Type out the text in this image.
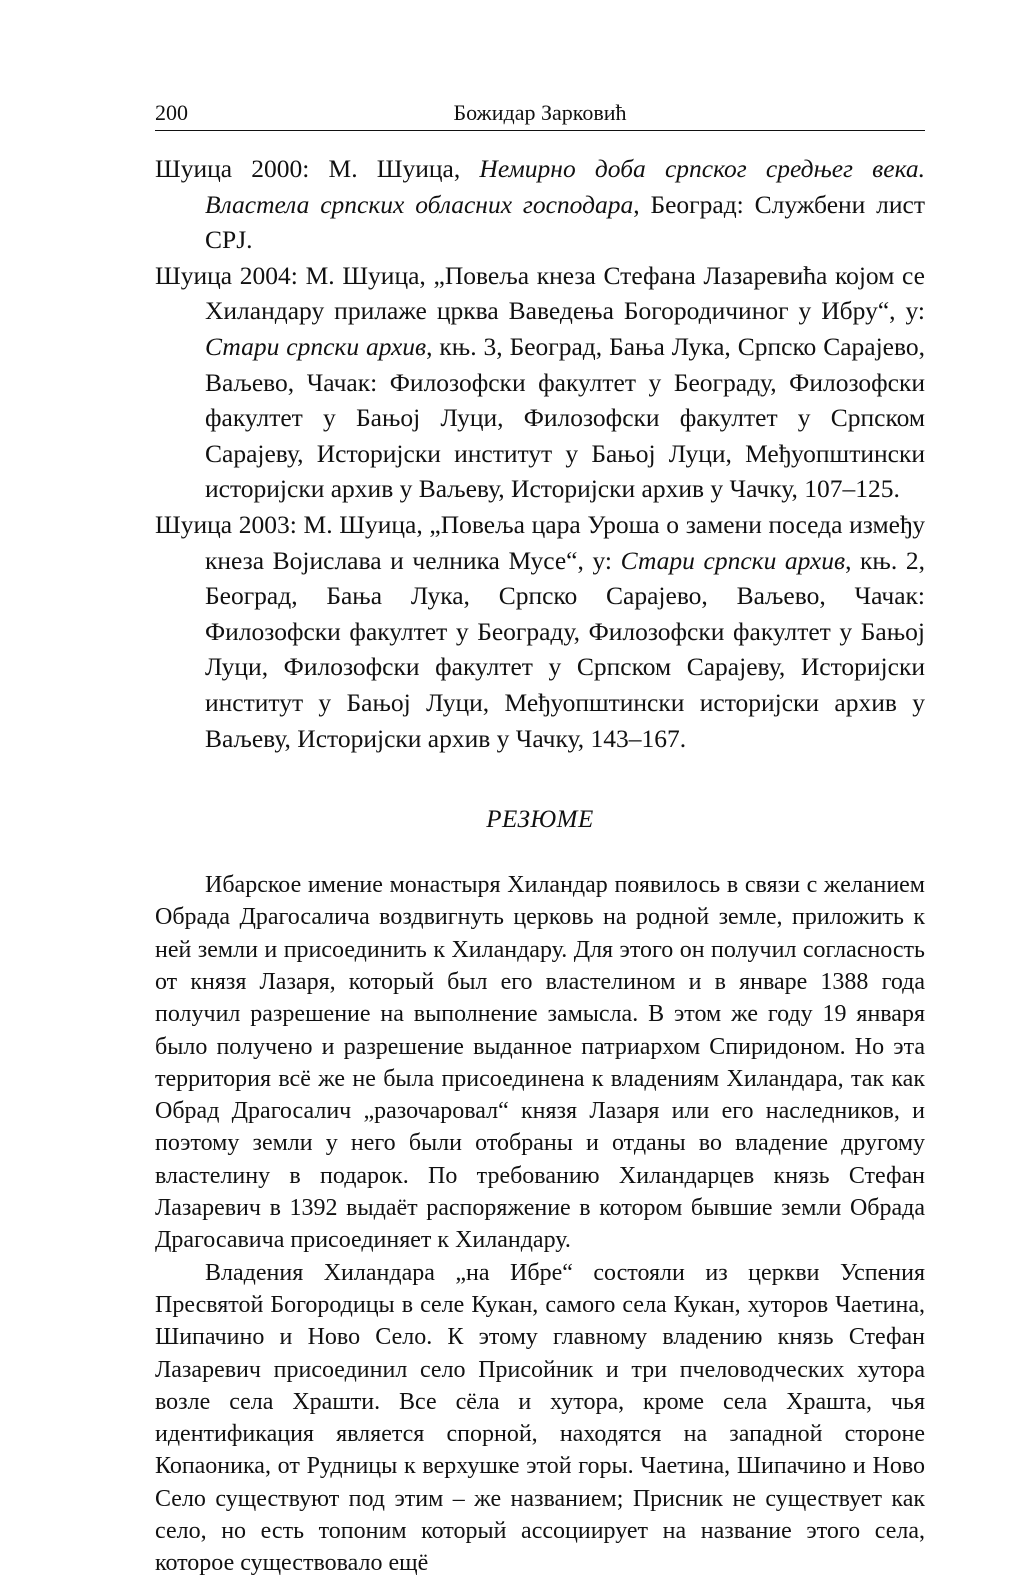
200	Божидар Зарковић

Шуица 2000: М. Шуица, Немирно доба српског средњег века. Властела српских обласних господара, Београд: Службени лист СРЈ.

Шуица 2004: М. Шуица, „Повеља кнеза Стефана Лазаревића којом се Хиландару прилаже црква Ваведења Богородичиног у Ибру“, у: Стари српски архив, књ. 3, Београд, Бања Лука, Српско Сарајево, Ваљево, Чачак: Филозофски факултет у Београду, Филозофски факултет у Бањој Луци, Филозофски факултет у Српском Сарајеву, Историјски институт у Бањој Луци, Међуопштински историјски архив у Ваљеву, Историјски архив у Чачку, 107–125.

Шуица 2003: М. Шуица, „Повеља цара Уроша о замени поседа између кнеза Војислава и челника Мусе“, у: Стари српски архив, књ. 2, Београд, Бања Лука, Српско Сарајево, Ваљево, Чачак: Филозофски факултет у Београду, Филозофски факултет у Бањој Луци, Филозофски факултет у Српском Сарајеву, Историјски институт у Бањој Луци, Међуопштински историјски архив у Ваљеву, Историјски архив у Чачку, 143–167.

РЕЗЮМЕ

Ибарское имение монастыря Хиландар появилось в связи с желанием Обрада Драгосалича воздвигнуть церковь на родной земле, приложить к ней земли и присоединить к Хиландару. Для этого он получил согласность от князя Лазаря, который был его властелином и в январе 1388 года получил разрешение на выполнение замысла. В этом же году 19 января было получено и разрешение выданное патриархом Спиридоном. Но эта территория всё же не была присоединена к владениям Хиландара, так как Обрад Драгосалич „разочаровал“ князя Лазаря или его наследников, и поэтому земли у него были отобраны и отданы во владение другому властелину в подарок. По требованию Хиландарцев князь Стефан Лазаревич в 1392 выдаёт распоряжение в котором бывшие земли Обрада Драгосавича присоединяет к Хиландару.

Владения Хиландара „на Ибре“ состояли из церкви Успения Пресвятой Богородицы в селе Кукан, самого села Кукан, хуторов Чаетина, Шипачино и Ново Село. К этому главному владению князь Стефан Лазаревич присоединил село Присойник и три пчеловодческих хутора возле села Храшти. Все сёла и хутора, кроме села Храшта, чья идентификация является спорной, находятся на западной стороне Копаоника, от Рудницы к верхушке этой горы. Чаетина, Шипачино и Ново Село существуют под этим – же названием; Присник не существует как село, но есть топоним который ассоциирует на название этого села, которое существовало ещё
